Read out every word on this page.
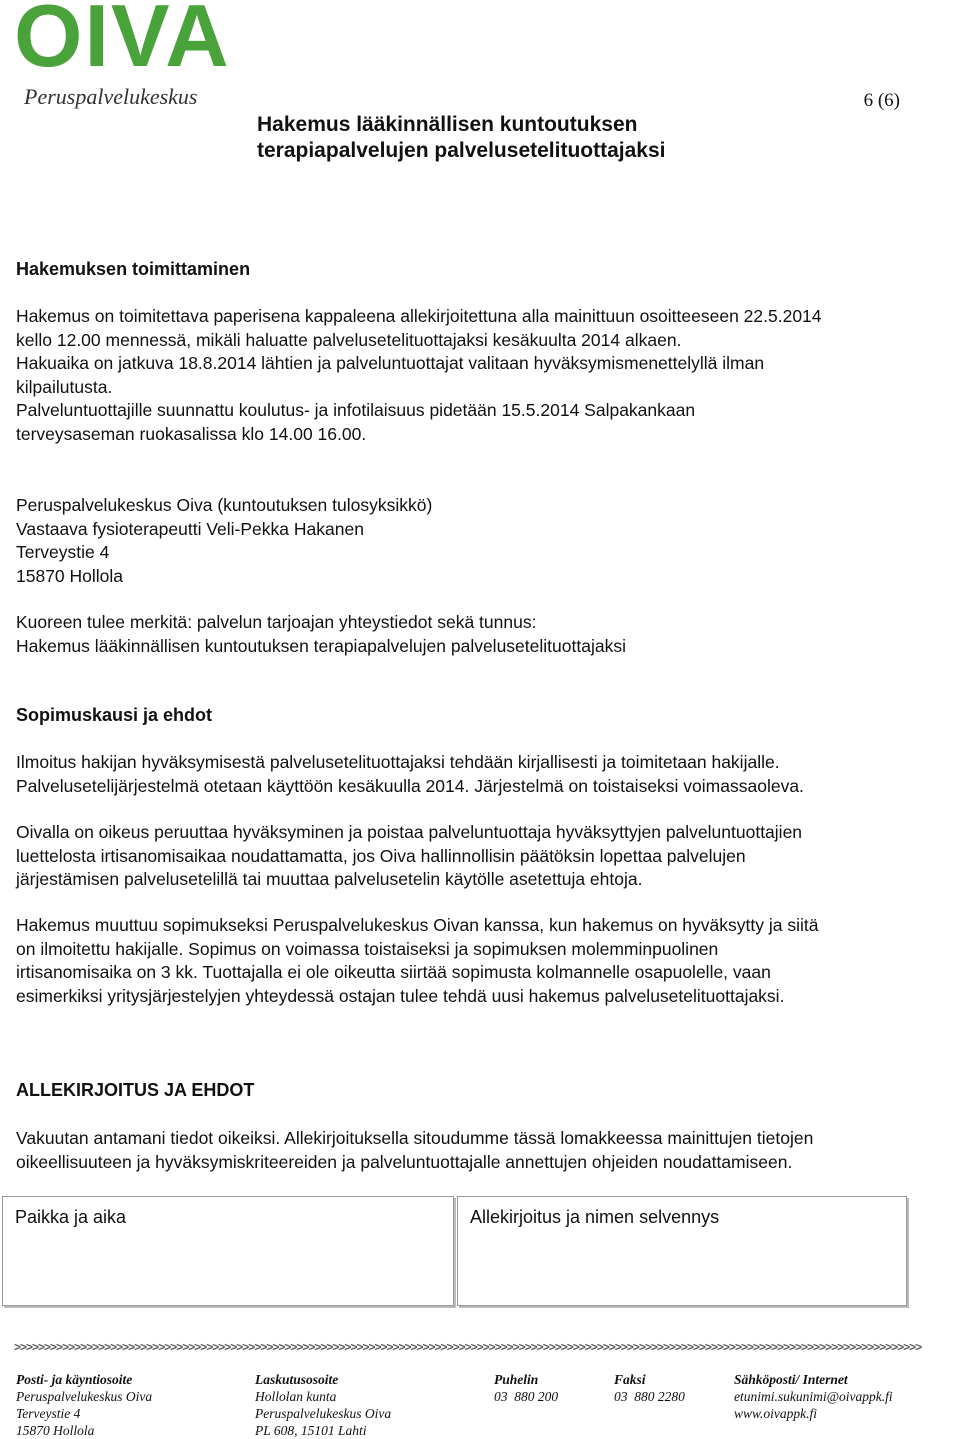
OIVA
Peruspalvelukeskus	6 (6)
Hakemus lääkinnällisen kuntoutuksen
terapiapalvelujen palvelusetelituottajaksi
Hakemuksen toimittaminen
Hakemus on toimitettava paperisena kappaleena allekirjoitettuna alla mainittuun osoitteeseen 22.5.2014
kello 12.00 mennessä, mikäli haluatte palvelusetelituottajaksi kesäkuulta 2014 alkaen.
Hakuaika on jatkuva 18.8.2014 lähtien ja palveluntuottajat valitaan hyväksymismenettelyllä ilman
kilpailutusta.
Palveluntuottajille suunnattu koulutus- ja infotilaisuus pidetään 15.5.2014 Salpakankaan
terveysaseman ruokasalissa klo 14.00 16.00.
Peruspalvelukeskus Oiva (kuntoutuksen tulosyksikkö)
Vastaava fysioterapeutti Veli-Pekka Hakanen
Terveystie 4
15870 Hollola
Kuoreen tulee merkitä: palvelun tarjoajan yhteystiedot sekä tunnus:
Hakemus lääkinnällisen kuntoutuksen terapiapalvelujen palvelusetelituottajaksi
Sopimuskausi ja ehdot
Ilmoitus hakijan hyväksymisestä palvelusetelituottajaksi tehdään kirjallisesti ja toimitetaan hakijalle.
Palvelusetelijärjestelmä otetaan käyttöön kesäkuulla 2014. Järjestelmä on toistaiseksi voimassaoleva.
Oivalla on oikeus peruuttaa hyväksyminen ja poistaa palveluntuottaja hyväksyttyjen palveluntuottajien
luettelosta irtisanomisaikaa noudattamatta, jos Oiva hallinnollisin päätöksin lopettaa palvelujen
järjestämisen palvelusetelillä tai muuttaa palvelusetelin käytölle asetettuja ehtoja.
Hakemus muuttuu sopimukseksi Peruspalvelukeskus Oivan kanssa, kun hakemus on hyväksytty ja siitä
on ilmoitettu hakijalle. Sopimus on voimassa toistaiseksi ja sopimuksen molemminpuolinen
irtisanomisaika on 3 kk. Tuottajalla ei ole oikeutta siirtää sopimusta kolmannelle osapuolelle, vaan
esimerkiksi yritysjärjestelyjen yhteydessä ostajan tulee tehdä uusi hakemus palvelusetelituottajaksi.
ALLEKIRJOITUS JA EHDOT
Vakuutan antamani tiedot oikeiksi. Allekirjoituksella sitoudumme tässä lomakkeessa mainittujen tietojen
oikeellisuuteen ja hyväksymiskriteereiden ja palveluntuottajalle annettujen ohjeiden noudattamiseen.
Paikka ja aika	Allekirjoitus ja nimen selvennys
>>>>>>>>>>>>>>>>>>>>>>>>>>>>>>>>>>>>>>>>>>>>>>>>>>>>>>>>>>>>>>>>>>>>>>>>>>>>>>>>>>>>>>>>>>>>>>>>>>>>>>>>>>>>>>>>>>>>>>>>>>>>>>>>>>>>>>>>>>>>>>>>>>>>>>>
Posti- ja käyntiosoite
Peruspalvelukeskus Oiva
Terveystie 4
15870 Hollola
Laskutusosoite
Hollolan kunta
Peruspalvelukeskus Oiva
PL 608, 15101 Lahti
Puhelin
03  880 200
Faksi
03  880 2280
Sähköposti/ Internet
etunimi.sukunimi@oivappk.fi
www.oivappk.fi
